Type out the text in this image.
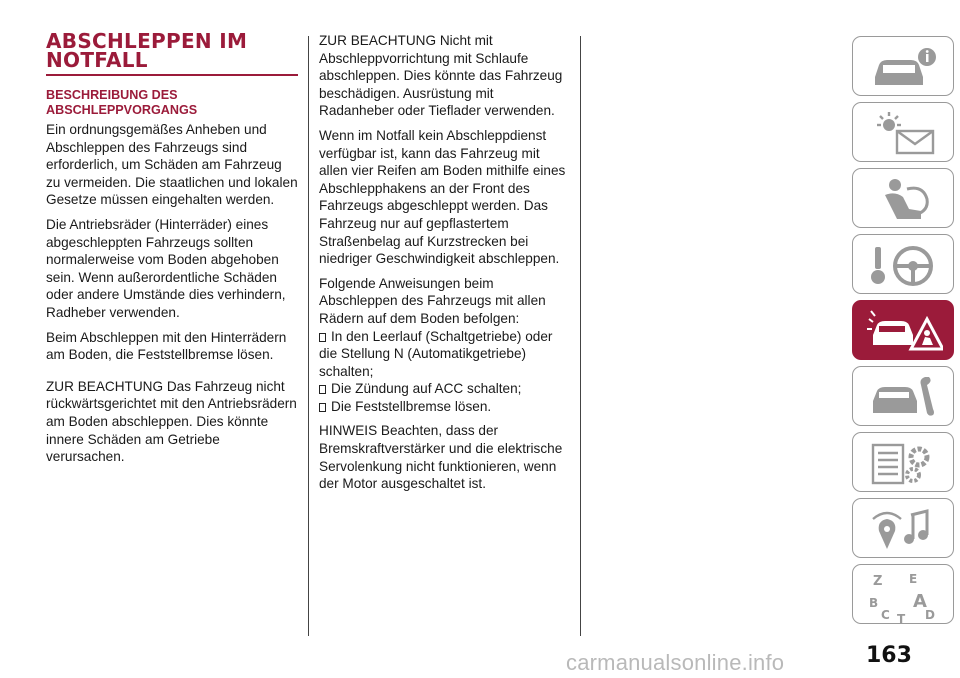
ABSCHLEPPEN IM
NOTFALL
BESCHREIBUNG DES
ABSCHLEPPVORGANGS

Ein ordnungsgemäßes Anheben und Abschleppen des Fahrzeugs sind erforderlich, um Schäden am Fahrzeug zu vermeiden. Die staatlichen und lokalen Gesetze müssen eingehalten werden.

Die Antriebsräder (Hinterräder) eines abgeschleppten Fahrzeugs sollten normalerweise vom Boden abgehoben sein. Wenn außerordentliche Schäden oder andere Umstände dies verhindern, Radheber verwenden.

Beim Abschleppen mit den Hinterrädern am Boden, die Feststellbremse lösen.

ZUR BEACHTUNG Das Fahrzeug nicht rückwärtsgerichtet mit den Antriebsrädern am Boden abschleppen. Dies könnte innere Schäden am Getriebe verursachen.

ZUR BEACHTUNG Nicht mit Abschleppvorrichtung mit Schlaufe abschleppen. Dies könnte das Fahrzeug beschädigen. Ausrüstung mit Radanheber oder Tieflader verwenden.

Wenn im Notfall kein Abschleppdienst verfügbar ist, kann das Fahrzeug mit allen vier Reifen am Boden mithilfe eines Abschlepphakens an der Front des Fahrzeugs abgeschleppt werden. Das Fahrzeug nur auf gepflastertem Straßenbelag auf Kurzstrecken bei niedriger Geschwindigkeit abschleppen.

Folgende Anweisungen beim Abschleppen des Fahrzeugs mit allen Rädern auf dem Boden befolgen:

In den Leerlauf (Schaltgetriebe) oder die Stellung N (Automatikgetriebe) schalten;
Die Zündung auf ACC schalten;
Die Feststellbremse lösen.

HINWEIS Beachten, dass der Bremskraftverstärker und die elektrische Servolenkung nicht funktionieren, wenn der Motor ausgeschaltet ist.

Z E
B A
C T D
163
carmanualsonline.info
